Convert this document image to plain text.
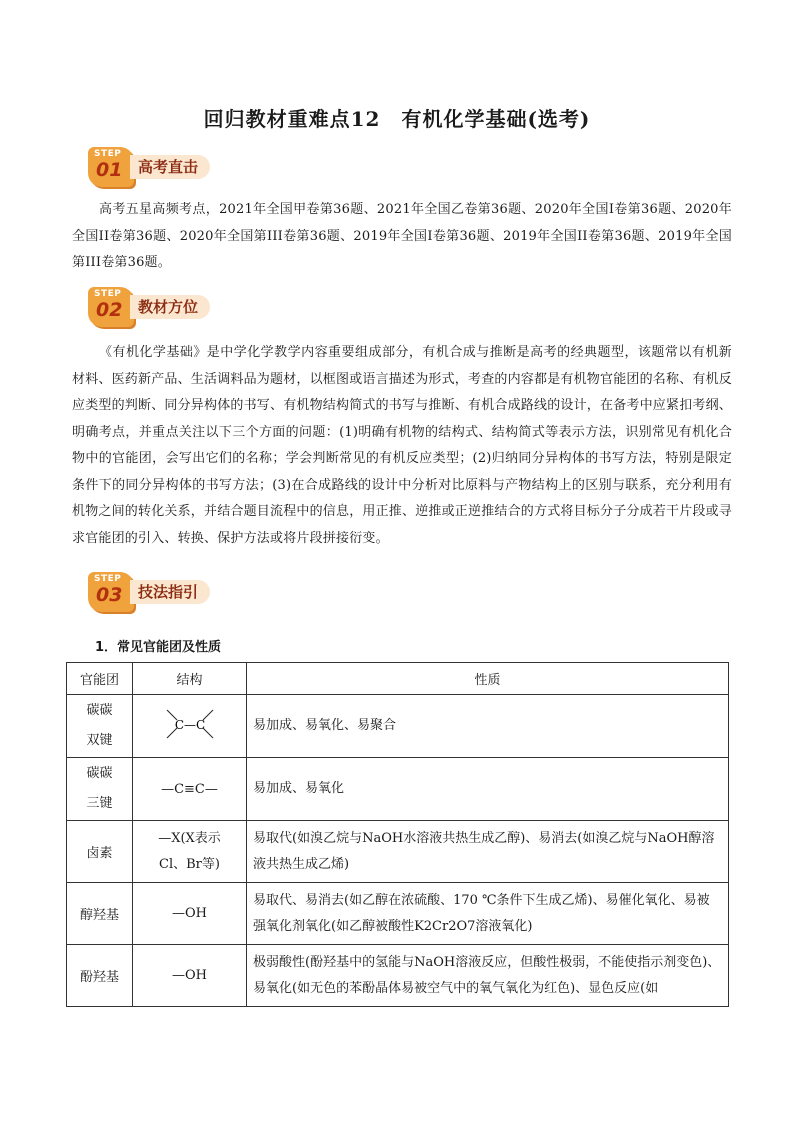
回归教材重难点12　有机化学基础(选考)
STEP
01	高考直击
高考五星高频考点，2021年全国甲卷第36题、2021年全国乙卷第36题、2020年全国I卷第36题、2020年全国II卷第36题、2020年全国第III卷第36题、2019年全国I卷第36题、2019年全国II卷第36题、2019年全国第III卷第36题。
STEP
02	教材方位
《有机化学基础》是中学化学教学内容重要组成部分，有机合成与推断是高考的经典题型，该题常以有机新材料、医药新产品、生活调料品为题材，以框图或语言描述为形式，考查的内容都是有机物官能团的名称、有机反应类型的判断、同分异构体的书写、有机物结构简式的书写与推断、有机合成路线的设计，在备考中应紧扣考纲、明确考点，并重点关注以下三个方面的问题：(1)明确有机物的结构式、结构简式等表示方法，识别常见有机化合物中的官能团，会写出它们的名称；学会判断常见的有机反应类型；(2)归纳同分异构体的书写方法，特别是限定条件下的同分异构体的书写方法；(3)在合成路线的设计中分析对比原料与产物结构上的区别与联系，充分利用有机物之间的转化关系，并结合题目流程中的信息，用正推、逆推或正逆推结合的方式将目标分子分成若干片段或寻求官能团的引入、转换、保护方法或将片段拼接衍变。
STEP
03	技法指引
1．常见官能团及性质
官能团	结构	性质

碳碳
双键	C—C	易加成、易氧化、易聚合

碳碳
三键	—C≡C—	易加成、易氧化
卤素	—X(X表示
Cl、Br等)	易取代(如溴乙烷与NaOH水溶液共热生成乙醇)、易消去(如溴乙烷与NaOH醇溶液共热生成乙烯)
醇羟基	—OH	易取代、易消去(如乙醇在浓硫酸、170 ℃条件下生成乙烯)、易催化氧化、易被强氧化剂氧化(如乙醇被酸性K2Cr2O7溶液氧化)
酚羟基	—OH	极弱酸性(酚羟基中的氢能与NaOH溶液反应，但酸性极弱，不能使指示剂变色)、易氧化(如无色的苯酚晶体易被空气中的氧气氧化为红色)、显色反应(如
